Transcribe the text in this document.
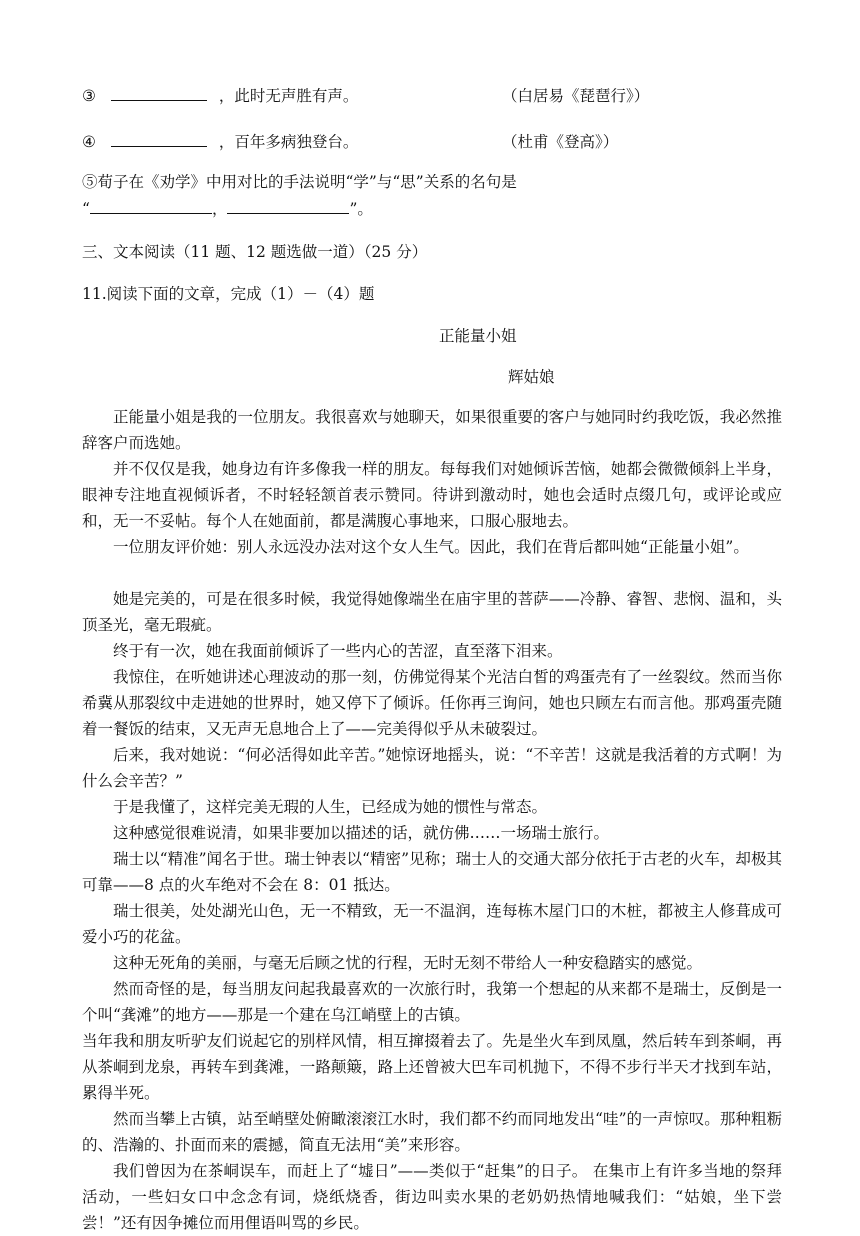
③	，此时无声胜有声。	（白居易《琵琶行》）
④	，百年多病独登台。	（杜甫《登高》）
⑤荀子在《劝学》中用对比的手法说明“学”与“思”关系的名句是
“	，	”。
三、文本阅读（11 题、12 题选做一道）（25 分）
11.阅读下面的文章，完成（1）－（4）题
正能量小姐
辉姑娘
正能量小姐是我的一位朋友。我很喜欢与她聊天，如果很重要的客户与她同时约我吃饭，我必然推辞客户而选她。
并不仅仅是我，她身边有许多像我一样的朋友。每每我们对她倾诉苦恼，她都会微微倾斜上半身，眼神专注地直视倾诉者，不时轻轻颔首表示赞同。待讲到激动时，她也会适时点缀几句，或评论或应和，无一不妥帖。每个人在她面前，都是满腹心事地来，口服心服地去。
一位朋友评价她：别人永远没办法对这个女人生气。因此，我们在背后都叫她“正能量小姐”。
她是完美的，可是在很多时候，我觉得她像端坐在庙宇里的菩萨——冷静、睿智、悲悯、温和，头顶圣光，毫无瑕疵。
终于有一次，她在我面前倾诉了一些内心的苦涩，直至落下泪来。
我惊住，在听她讲述心理波动的那一刻，仿佛觉得某个光洁白皙的鸡蛋壳有了一丝裂纹。然而当你希冀从那裂纹中走进她的世界时，她又停下了倾诉。任你再三询问，她也只顾左右而言他。那鸡蛋壳随着一餐饭的结束，又无声无息地合上了——完美得似乎从未破裂过。
后来，我对她说：“何必活得如此辛苦。”她惊讶地摇头，说：“不辛苦！这就是我活着的方式啊！为什么会辛苦？”
于是我懂了，这样完美无瑕的人生，已经成为她的惯性与常态。
这种感觉很难说清，如果非要加以描述的话，就仿佛……一场瑞士旅行。
瑞士以“精准”闻名于世。瑞士钟表以“精密”见称；瑞士人的交通大部分依托于古老的火车，却极其可靠——8 点的火车绝对不会在 8：01 抵达。
瑞士很美，处处湖光山色，无一不精致，无一不温润，连每栋木屋门口的木桩，都被主人修葺成可爱小巧的花盆。
这种无死角的美丽，与毫无后顾之忧的行程，无时无刻不带给人一种安稳踏实的感觉。
然而奇怪的是，每当朋友问起我最喜欢的一次旅行时，我第一个想起的从来都不是瑞士，反倒是一个叫“龚滩”的地方——那是一个建在乌江峭壁上的古镇。
当年我和朋友听驴友们说起它的别样风情，相互撺掇着去了。先是坐火车到凤凰，然后转车到茶峒，再从茶峒到龙泉，再转车到龚滩，一路颠簸，路上还曾被大巴车司机抛下，不得不步行半天才找到车站，累得半死。
然而当攀上古镇，站至峭壁处俯瞰滚滚江水时，我们都不约而同地发出“哇”的一声惊叹。那种粗粝的、浩瀚的、扑面而来的震撼，简直无法用“美”来形容。
我们曾因为在茶峒误车，而赶上了“墟日”——类似于“赶集”的日子。 在集市上有许多当地的祭拜活动，一些妇女口中念念有词，烧纸烧香，街边叫卖水果的老奶奶热情地喊我们：“姑娘，坐下尝尝！”还有因争摊位而用俚语叫骂的乡民。
